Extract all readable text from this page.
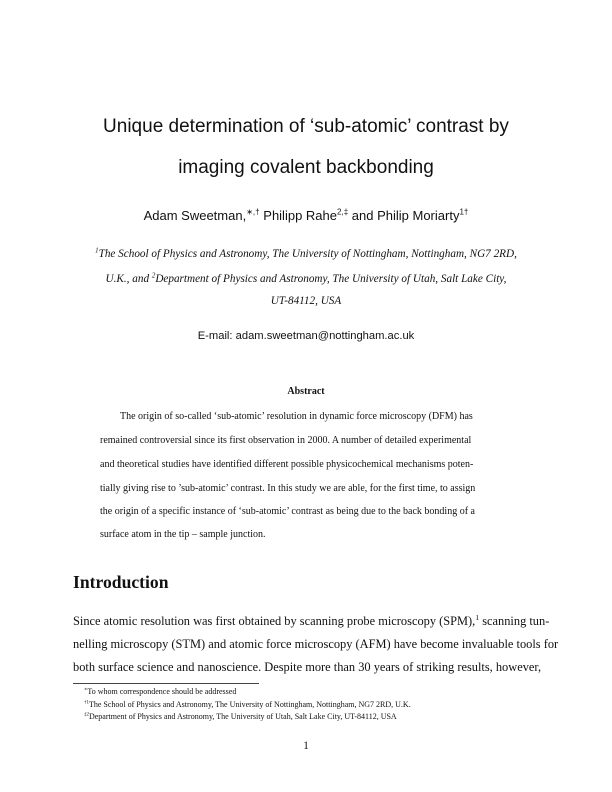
Unique determination of ‘sub-atomic’ contrast by
imaging covalent backbonding
Adam Sweetman,∗,† Philipp Rahe$^{2,\ddagger}$ and Philip Moriarty$^{1\dagger}$
$^1$The School of Physics and Astronomy, The University of Nottingham, Nottingham, NG7 2RD,
U.K., and $^2$Department of Physics and Astronomy, The University of Utah, Salt Lake City,
UT-84112, USA
E-mail: adam.sweetman@nottingham.ac.uk
Abstract
The origin of so-called ‘sub-atomic’ resolution in dynamic force microscopy (DFM) has
remained controversial since its first observation in 2000. A number of detailed experimental
and theoretical studies have identified different possible physicochemical mechanisms poten-
tially giving rise to ’sub-atomic’ contrast. In this study we are able, for the first time, to assign
the origin of a specific instance of ‘sub-atomic’ contrast as being due to the back bonding of a
surface atom in the tip – sample junction.
Introduction
Since atomic resolution was first obtained by scanning probe microscopy (SPM),$^1$ scanning tun-
nelling microscopy (STM) and atomic force microscopy (AFM) have become invaluable tools for
both surface science and nanoscience. Despite more than 30 years of striking results, however,
∗To whom correspondence should be addressed
$^{\dagger 1}$The School of Physics and Astronomy, The University of Nottingham, Nottingham, NG7 2RD, U.K.
$^{\ddagger 2}$Department of Physics and Astronomy, The University of Utah, Salt Lake City, UT-84112, USA
1
